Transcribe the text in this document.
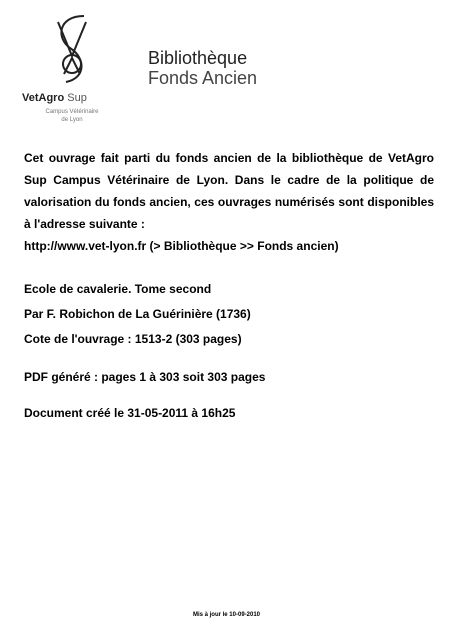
VetAgro Sup
Campus Vétérinaire
de Lyon
Bibliothèque
Fonds Ancien
Cet ouvrage fait parti du fonds ancien de la bibliothèque de VetAgro Sup Campus Vétérinaire de Lyon. Dans le cadre de la politique de valorisation du fonds ancien, ces ouvrages numérisés sont disponibles à l'adresse suivante :
http://www.vet-lyon.fr (> Bibliothèque >> Fonds ancien)
Ecole de cavalerie. Tome second
Par F. Robichon de La Guérinière (1736)
Cote de l'ouvrage : 1513-2 (303 pages)
PDF généré : pages 1 à 303 soit 303 pages
Document créé le 31-05-2011 à 16h25
Mis à jour le 10-09-2010
